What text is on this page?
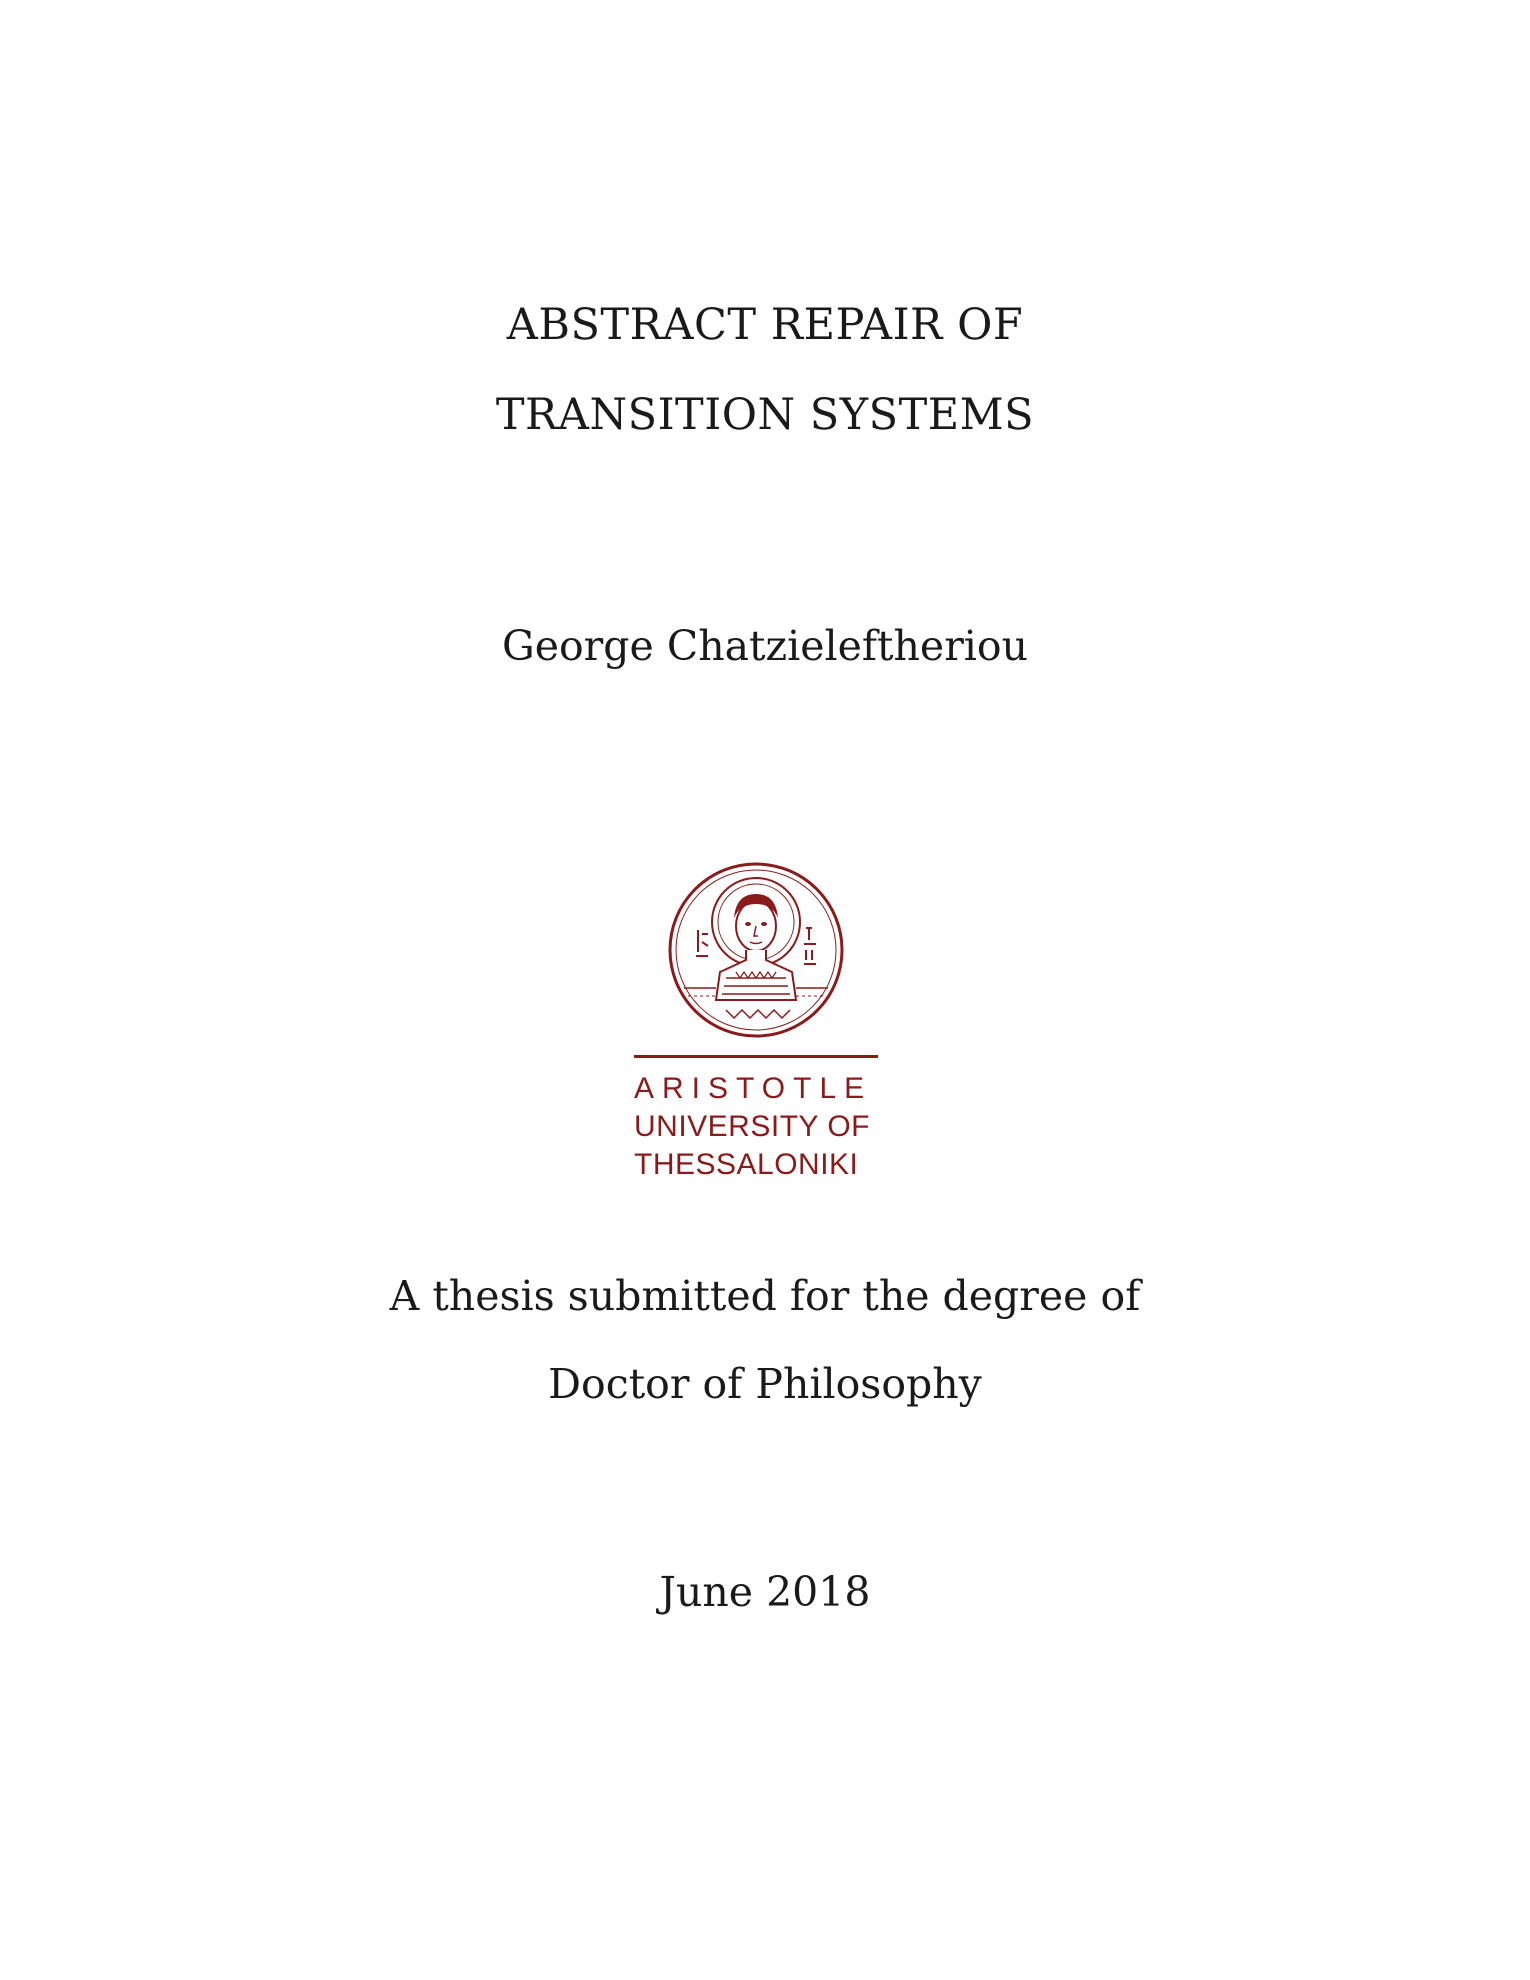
ABSTRACT REPAIR OF
TRANSITION SYSTEMS
George Chatzieleftheriou
ARISTOTLE
UNIVERSITY OF
THESSALONIKI
A thesis submitted for the degree of
Doctor of Philosophy
June 2018
